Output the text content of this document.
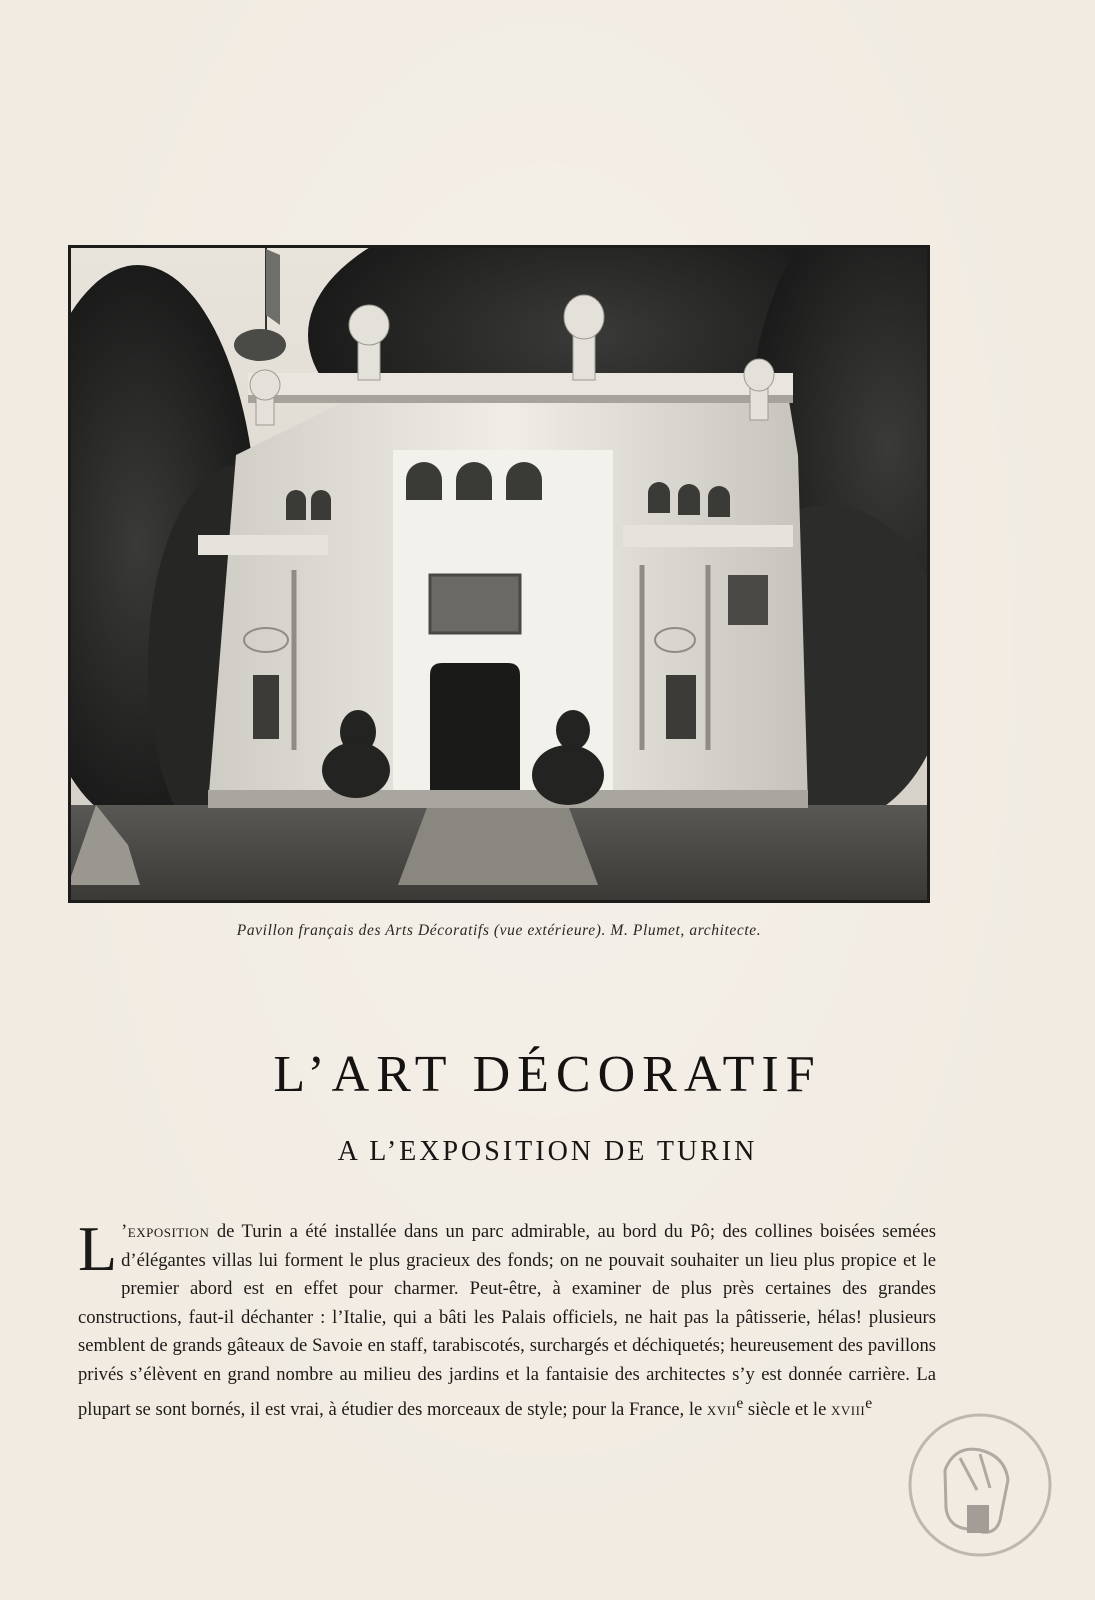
Pavillon français des Arts Décoratifs (vue extérieure). M. Plumet, architecte.
L’ART DÉCORATIF
A L’EXPOSITION DE TURIN

L ’exposition de Turin a été installée dans un parc admirable, au bord du Pô; des collines boisées semées d’élégantes villas lui forment le plus gracieux des fonds; on ne pouvait souhaiter un lieu plus propice et le premier abord est en effet pour charmer. Peut-être, à examiner de plus près certaines des grandes constructions, faut-il déchanter : l’Italie, qui a bâti les Palais officiels, ne hait pas la pâtisserie, hélas! plusieurs semblent de grands gâteaux de Savoie en staff, tarabiscotés, surchargés et déchiquetés; heureusement des pavillons privés s’élèvent en grand nombre au milieu des jardins et la fantaisie des architectes s’y est donnée carrière. La plupart se sont bornés, il est vrai, à étudier des morceaux de style; pour la France, le xvii$^e$ siècle et le xviii$^e$
